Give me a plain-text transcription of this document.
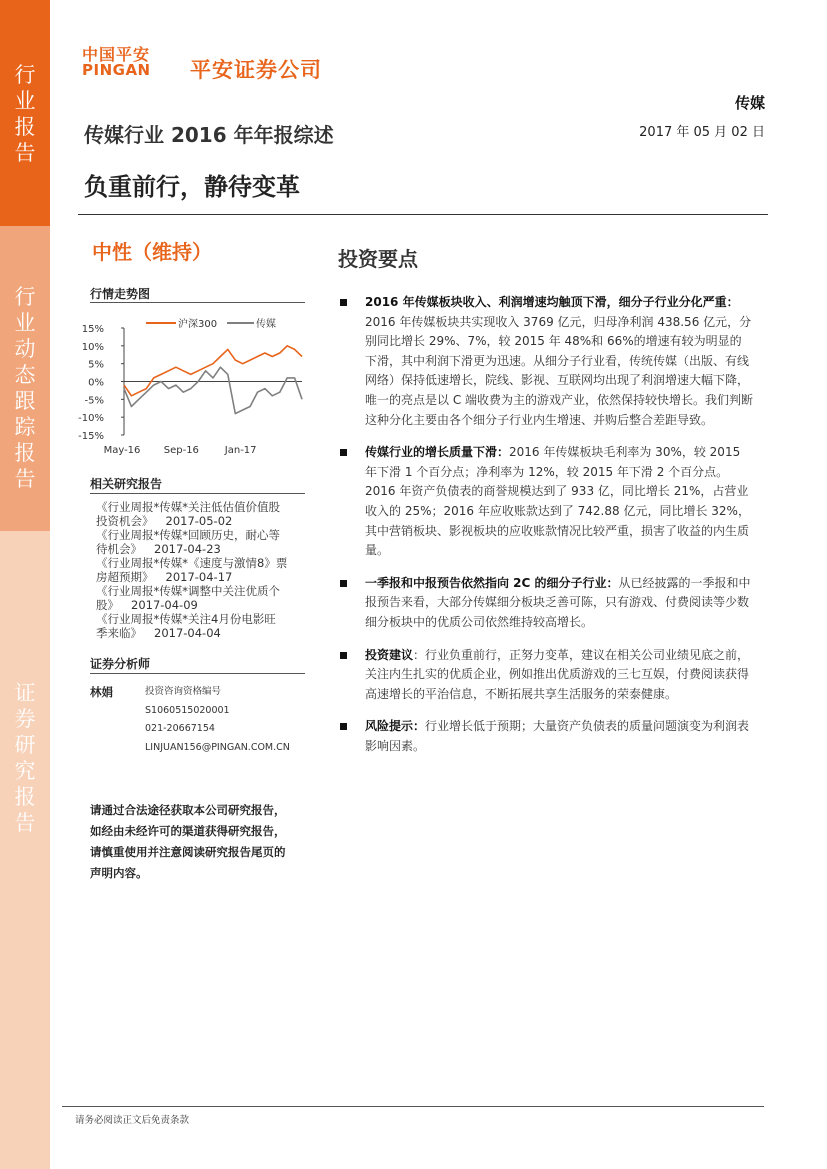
行
业
报
告
行
业
动
态
跟
踪
报
告
证
券
研
究
报
告
中国平安
PINGAN 平安证券公司
传媒
2017 年 05 月 02 日
传媒行业 2016 年年报综述
负重前行，静待变革
中性（维持）
行情走势图
沪深300	传媒
15%
10%
5%
0%
-5%
-10%
-15%
May-16 Sep-16	Jan-17
相关研究报告
《行业周报*传媒*关注低估值价值股
投资机会》 2017-05-02
《行业周报*传媒*回顾历史，耐心等
待机会》 2017-04-23
《行业周报*传媒*《速度与激情8》票
房超预期》 2017-04-17
《行业周报*传媒*调整中关注优质个
股》 2017-04-09
《行业周报*传媒*关注4月份电影旺
季来临》 2017-04-04
证券分析师
林娟	投资咨询资格编号
S1060515020001
021-20667154
LINJUAN156@PINGAN.COM.CN
请通过合法途径获取本公司研究报告，如经由未经许可的渠道获得研究报告，请慎重使用并注意阅读研究报告尾页的声明内容。
投资要点
2016 年传媒板块收入、利润增速均触顶下滑，细分子行业分化严重：2016 年传媒板块共实现收入 3769 亿元，归母净利润 438.56 亿元，分别同比增长 29%、7%，较 2015 年 48%和 66%的增速有较为明显的下滑，其中利润下滑更为迅速。从细分子行业看，传统传媒（出版、有线网络）保持低速增长，院线、影视、互联网均出现了利润增速大幅下降，唯一的亮点是以 C 端收费为主的游戏产业，依然保持较快增长。我们判断这种分化主要由各个细分子行业内生增速、并购后整合差距导致。
传媒行业的增长质量下滑：2016 年传媒板块毛利率为 30%，较 2015 年下滑 1 个百分点；净利率为 12%，较 2015 年下滑 2 个百分点。2016 年资产负债表的商誉规模达到了 933 亿，同比增长 21%，占营业收入的 25%；2016 年应收账款达到了 742.88 亿元，同比增长 32%，其中营销板块、影视板块的应收账款情况比较严重，损害了收益的内生质量。
一季报和中报预告依然指向 2C 的细分子行业：从已经披露的一季报和中报预告来看，大部分传媒细分板块乏善可陈，只有游戏、付费阅读等少数细分板块中的优质公司依然维持较高增长。
投资建议：行业负重前行，正努力变革，建议在相关公司业绩见底之前，关注内生扎实的优质企业，例如推出优质游戏的三七互娱，付费阅读获得高速增长的平治信息，不断拓展共享生活服务的荣泰健康。
风险提示：行业增长低于预期；大量资产负债表的质量问题演变为利润表影响因素。
请务必阅读正文后免责条款
